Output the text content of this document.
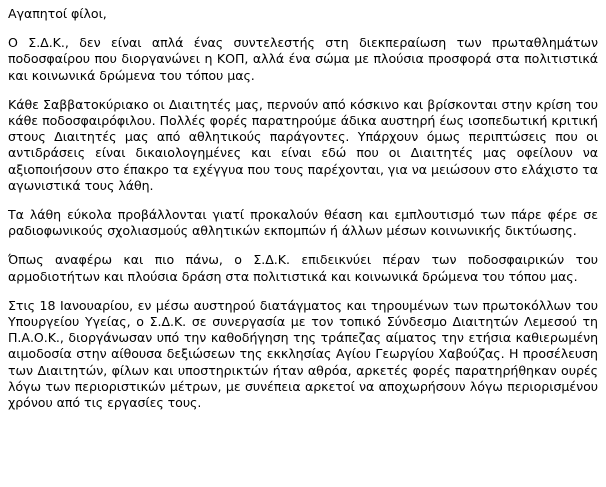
Αγαπητοί φίλοι,

Ο Σ.Δ.Κ., δεν είναι απλά ένας συντελεστής στη διεκπεραίωση των πρωταθλημάτων ποδοσφαίρου που διοργανώνει η ΚΟΠ, αλλά ένα σώμα με πλούσια προσφορά στα πολιτιστικά και κοινωνικά δρώμενα του τόπου μας.

Κάθε Σαββατοκύριακο οι Διαιτητές μας, περνούν από κόσκινο και βρίσκονται στην κρίση του κάθε ποδοσφαιρόφιλου. Πολλές φορές παρατηρούμε άδικα αυστηρή έως ισοπεδωτική κριτική στους Διαιτητές μας από αθλητικούς παράγοντες. Υπάρχουν όμως περιπτώσεις που οι αντιδράσεις είναι δικαιολογημένες και είναι εδώ που οι Διαιτητές μας οφείλουν να αξιοποιήσουν στο έπακρο τα εχέγγυα που τους παρέχονται, για να μειώσουν στο ελάχιστο τα αγωνιστικά τους λάθη.

Τα λάθη εύκολα προβάλλονται γιατί προκαλούν θέαση και εμπλουτισμό των πάρε φέρε σε ραδιοφωνικούς σχολιασμούς αθλητικών εκπομπών ή άλλων μέσων κοινωνικής δικτύωσης.

Όπως αναφέρω και πιο πάνω, ο Σ.Δ.Κ. επιδεικνύει πέραν των ποδοσφαιρικών του αρμοδιοτήτων και πλούσια δράση στα πολιτιστικά και κοινωνικά δρώμενα του τόπου μας.

Στις 18 Ιανουαρίου, εν μέσω αυστηρού διατάγματος και τηρουμένων των πρωτοκόλλων του Υπουργείου Υγείας, ο Σ.Δ.Κ. σε συνεργασία με τον τοπικό Σύνδεσμο Διαιτητών Λεμεσού τη Π.Α.Ο.Κ., διοργάνωσαν υπό την καθοδήγηση της τράπεζας αίματος την ετήσια καθιερωμένη αιμοδοσία στην αίθουσα δεξιώσεων της εκκλησίας Αγίου Γεωργίου Χαβούζας. Η προσέλευση των Διαιτητών, φίλων και υποστηρικτών ήταν αθρόα, αρκετές φορές παρατηρήθηκαν ουρές λόγω των περιοριστικών μέτρων, με συνέπεια αρκετοί να αποχωρήσουν λόγω περιορισμένου χρόνου από τις εργασίες τους.
